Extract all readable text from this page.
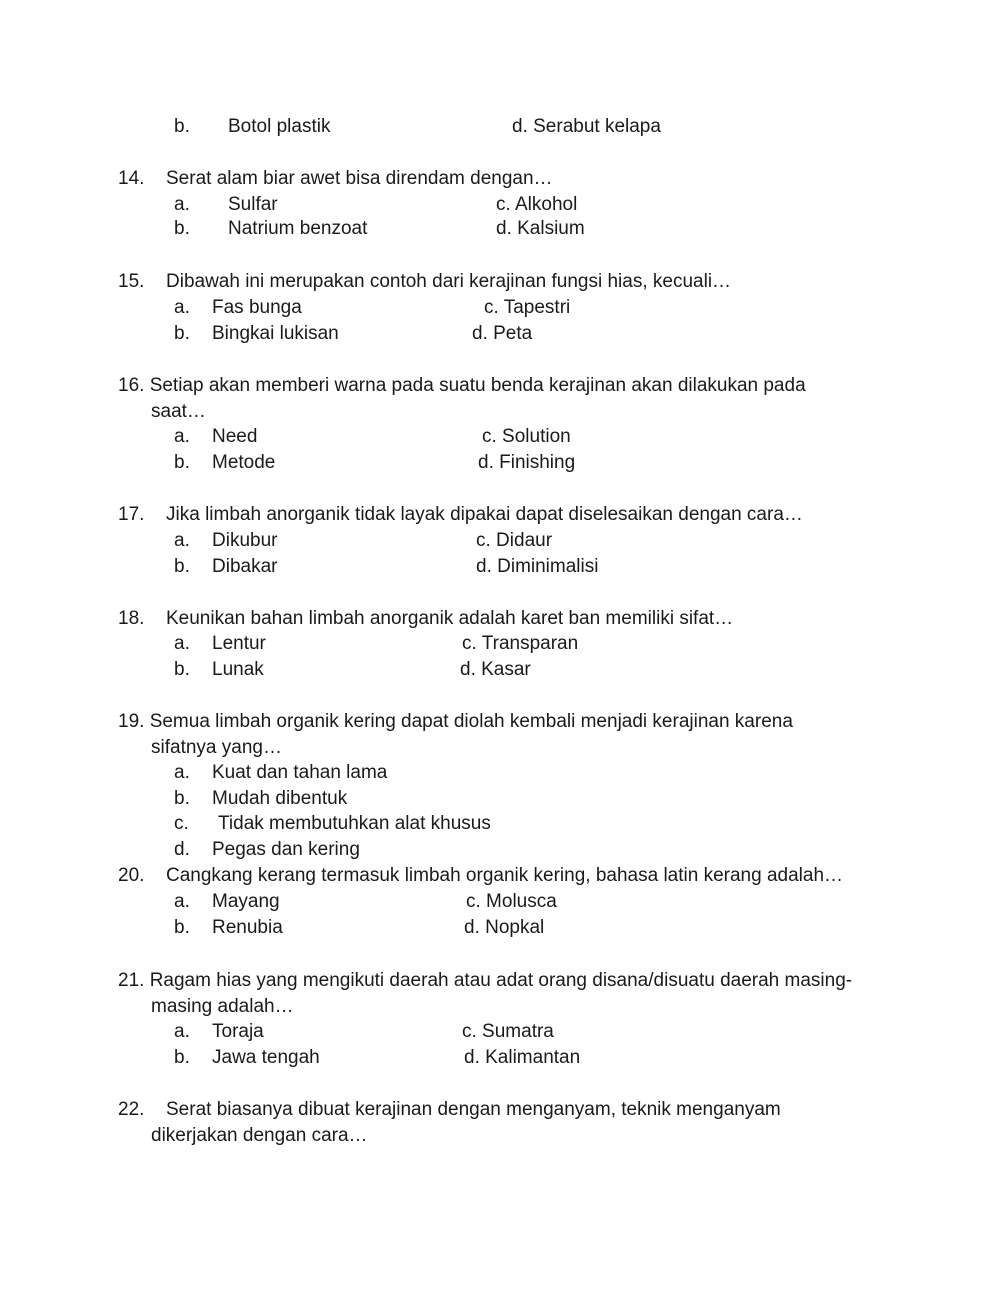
b. Botol plastik	d. Serabut kelapa
14. Serat alam biar awet bisa direndam dengan…
a. Sulfar	c. Alkohol
b. Natrium benzoat	d. Kalsium
15. Dibawah ini merupakan contoh dari kerajinan fungsi hias, kecuali…
a. Fas bunga	c. Tapestri
b. Bingkai lukisan	d. Peta
16. Setiap akan memberi warna pada suatu benda kerajinan akan dilakukan pada
saat…
a. Need	c. Solution
b. Metode	d. Finishing
17. Jika limbah anorganik tidak layak dipakai dapat diselesaikan dengan cara…
a. Dikubur	c. Didaur
b. Dibakar	d. Diminimalisi
18. Keunikan bahan limbah anorganik adalah karet ban memiliki sifat…
a. Lentur	c. Transparan
b. Lunak	d. Kasar
19. Semua limbah organik kering dapat diolah kembali menjadi kerajinan karena
sifatnya yang…
a. Kuat dan tahan lama
b. Mudah dibentuk
c. Tidak membutuhkan alat khusus
d. Pegas dan kering
20. Cangkang kerang termasuk limbah organik kering, bahasa latin kerang adalah…
a. Mayang	c. Molusca
b. Renubia	d. Nopkal
21. Ragam hias yang mengikuti daerah atau adat orang disana/disuatu daerah masing-
masing adalah…
a. Toraja	c. Sumatra
b. Jawa tengah	d. Kalimantan
22. Serat biasanya dibuat kerajinan dengan menganyam, teknik menganyam
dikerjakan dengan cara…
